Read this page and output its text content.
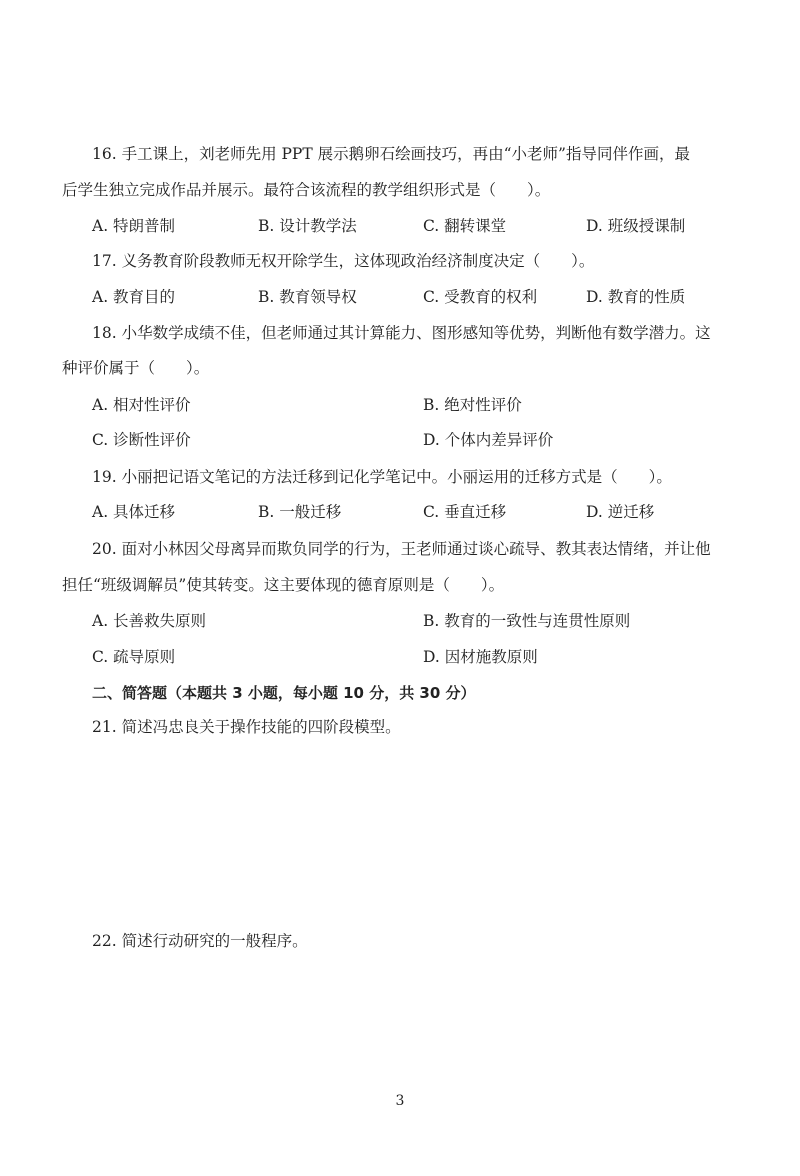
16. 手工课上，刘老师先用 PPT 展示鹅卵石绘画技巧，再由“小老师”指导同伴作画，最
后学生独立完成作品并展示。最符合该流程的教学组织形式是（　　）。
A. 特朗普制	B. 设计教学法	C. 翻转课堂	D. 班级授课制
17. 义务教育阶段教师无权开除学生，这体现政治经济制度决定（　　）。
A. 教育目的	B. 教育领导权	C. 受教育的权利	D. 教育的性质
18. 小华数学成绩不佳，但老师通过其计算能力、图形感知等优势，判断他有数学潜力。这
种评价属于（　　）。
A. 相对性评价	B. 绝对性评价
C. 诊断性评价	D. 个体内差异评价
19. 小丽把记语文笔记的方法迁移到记化学笔记中。小丽运用的迁移方式是（　　）。
A. 具体迁移	B. 一般迁移	C. 垂直迁移	D. 逆迁移
20. 面对小林因父母离异而欺负同学的行为，王老师通过谈心疏导、教其表达情绪，并让他
担任“班级调解员”使其转变。这主要体现的德育原则是（　　）。
A. 长善救失原则	B. 教育的一致性与连贯性原则
C. 疏导原则	D. 因材施教原则
二、简答题（本题共 3 小题，每小题 10 分，共 30 分）
21. 简述冯忠良关于操作技能的四阶段模型。
22. 简述行动研究的一般程序。
3
